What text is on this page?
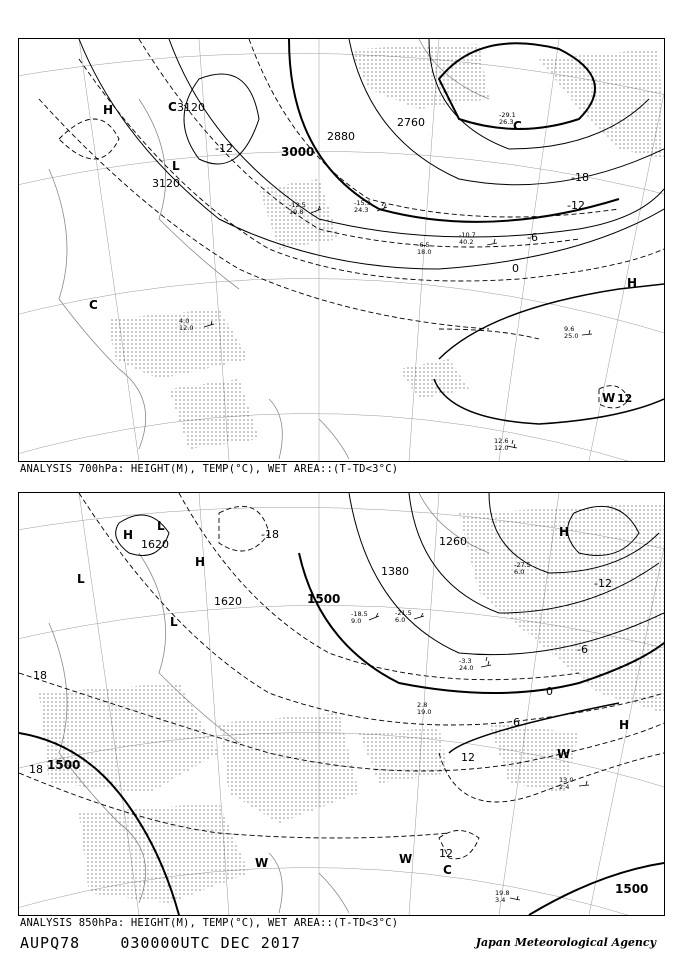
3120
3120
3000
2880
2760
-12
-18
-12
-6
0
H
L
C
C
C
H
W 12
-12.5
19.8
-15.9
24.3
-29.1
26.3
-10.7
40.2
-6.5
18.0
4.0
12.0	9.6
25.0
12.6
12.0
ANALYSIS 700hPa: HEIGHT(M), TEMP(°C), WET AREA::(T-TD<3°C)
1620
1620	1500
1380
1260
1500
1500
-18
-12
-6
0
6
12
18
18
12
H
H
L
L
L
H
W
W
W	C
H
-18.5
9.0
-21.5
6.0
-27.5
6.0
-3.3
24.0
2.8
19.0
13.0
2.4
19.8
3.4
ANALYSIS 850hPa: HEIGHT(M), TEMP(°C), WET AREA::(T-TD<3°C)
AUPQ78	030000UTC DEC 2017	Japan Meteorological Agency
